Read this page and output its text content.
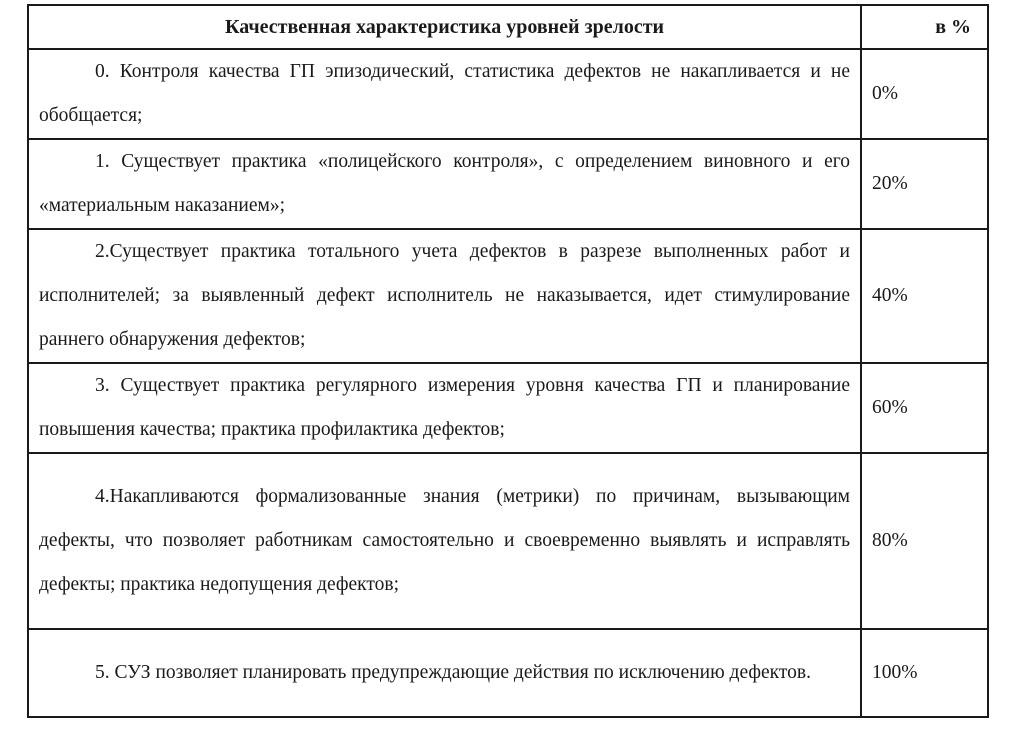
Качественная характеристика уровней зрелости	в %
0. Контроля качества ГП эпизодический, статистика дефектов не накапливается и не обобщается;	0%
1. Существует практика «полицейского контроля», с определением виновного и его «материальным наказанием»;	20%
2.Существует практика тотального учета дефектов в разрезе выполненных работ и исполнителей; за выявленный дефект исполнитель не наказывается, идет стимулирование раннего обнаружения дефектов;	40%
3. Существует практика регулярного измерения уровня качества ГП и планирование повышения качества; практика профилактика дефектов;	60%
4.Накапливаются формализованные знания (метрики) по причинам, вызывающим дефекты, что позволяет работникам самостоятельно и своевременно выявлять и исправлять дефекты; практика недопущения дефектов;	80%
5. СУЗ позволяет планировать предупреждающие действия по исключению дефектов.	100%
